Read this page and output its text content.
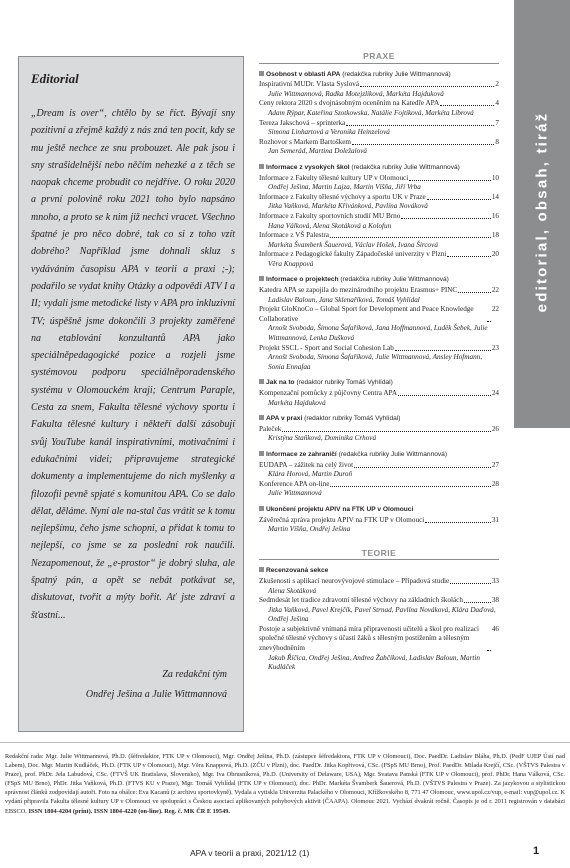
editorial, obsah, tiráž
Editorial
„Dream is over“, chtělo by se říct. Bývají sny pozitivní a zřejmě každý z nás zná ten pocit, kdy se mu ještě nechce ze snu probouzet. Ale pak jsou i sny strašidelnější nebo něčím nehezké a z těch se naopak chceme probudit co nejdříve. O roku 2020 a první polovině roku 2021 toho bylo napsáno mnoho, a proto se k nim již nechci vracet. Všechno špatné je pro něco dobré, tak co si z toho vzít dobrého? Například jsme dohnali skluz s vydáváním časopisu APA v teorii a praxi ;-); podařilo se vydat knihy Otázky a odpovědi ATV I a II; vydali jsme metodické listy v APA pro inkluzivní TV; úspěšně jsme dokončili 3 projekty zaměřené na etablování konzultantů APA jako speciálněpedagogické pozice a rozjeli jsme systémovou podporu speciálněporadenského systému v Olomouckém kraji; Centrum Paraple, Cesta za snem, Fakulta tělesné výchovy sportu i Fakulta tělesné kultury i někteří další zásobují svůj YouTube kanál inspirativními, motivačními i edukačními videi; připravujeme strategické dokumenty a implementujeme do nich myšlenky a filozofii pevně spjaté s komunitou APA. Co se dalo dělat, děláme. Nyní ale na-stal čas vrátit se k tomu nejlepšímu, čeho jsme schopni, a přidat k tomu to nejlepší, co jsme se za poslední rok naučili. Nezapomenout, že „e-prostor“ je dobrý sluha, ale špatný pán, a opět se nebát potkávat se, diskutovat, tvořit a mýty bořit. Ať jste zdraví a šťastní...
Za redakční tým
Ondřej Ješina a Julie Wittmannová
PRAXE
Osobnost v oblasti APA (redakčka rubriky Julie Wittmannová)
Inspirativní MUDr. Vlasta Syslová	2
Julie Wittmannová, Radka Motejzlíková, Markéta Hajduková
Ceny rektora 2020 s dvojnásobným oceněním na Katedře APA	4
Adam Rýpar, Kateřina Szotkowska, Natálie Fojtíková, Markéta Líbrová
Tereza Jakschová – sprinterka	7
Simona Linhartová a Veronika Heinzelová
Rozhovor s Markem Bartoškem	8
Jan Semerád, Martina Doležalová
Informace z vysokých škol (redakčka rubriky Julie Wittmannová)
Informace z Fakulty tělesné kultury UP v Olomouci	10
Ondřej Ješina, Martin Lajza, Martin Víšňa, Jiří Vrba
Informace z Fakulty tělesné výchovy a sportu UK v Praze	14
Jitka Vaňková, Markéta Křivánková, Pavlína Nováková
Informace z Fakulty sportovních studií MU Brno	16
Hana Válková, Alena Skotáková a Kolofun
Informace z VŠ Palestra	18
Markéta Švamberk Šauerová, Václav Hošek, Ivana Šircová
Informace z Pedagogické fakulty Západočeské univerzity v Plzni	20
Věra Knappová
Informace o projektech (redakčka rubriky Julie Wittmannová)
Katedra APA se zapojila do mezinárodního projektu Erasmus+ PINC	22
Ladislav Baloun, Jana Sklenaříková, Tomáš Vyhlídal
Projekt GloKnoCo – Global Sport for Development and Peace Knowledge Collaborative
22
Arnošt Svoboda, Šimona Šafaříková, Jana Hoffmannová, Luděk Šebek, Julie Wittmannová, Lenka Dušková
Projekt SSCL - Sport and Social Cohesion Lab	23
Arnošt Svoboda, Simona Šafaříková, Julie Wittmannová, Ansley Hofmann, Sonia Ennafaa
Jak na to (redaktor rubriky Tomáš Vyhlídal)
Kompenzační pomůcky z půjčovny Centra APA	24
Markéta Hajduková
APA v praxi (redaktor rubriky Tomáš Vyhlídal)
Paleček	26
Kristýna Staňková, Dominika Crhová
Informace ze zahraničí (redakčka rubriky Julie Wittmannová)
EUDAPA – zážitek na celý život	27
Klára Horová, Martin Duroň
Konference APA on-line	28
Julie Wittmannová
Ukončení projektu APIV na FTK UP v Olomouci
Závěrečná zpráva projektu APIV na FTK UP v Olomouci	31
Martin Víšňa, Ondřej Ješina
TEORIE
Recenzovaná sekce
Zkušenosti s aplikací neurovývojové stimulace – Případová studie	33
Alena Skotáková
Sedmdesát let tradice zdravotní tělesné výchovy na základních školách	38
Jitka Vaňková, Pavel Krejčík, Pavel Strnad, Pavlína Nováková, Klára Daďová, Ondřej Ješina
Postoje a subjektivně vnímaná míra připravenosti učitelů a škol pro realizaci společné tělesné výchovy s účastí žáků s tělesným postižením a tělesným znevýhodněním
46
Jakub Říčica, Ondřej Ješina, Andrea Žabčíková, Ladislav Baloun, Martin Kudláček
Redakční rada: Mgr. Julie Wittmannová, Ph.D. (šéfredaktor, FTK UP v Olomouci), Mgr. Ondřej Ješina, Ph.D. (zástupce šéfredaktora, FTK UP v Olomouci), Doc. PaedDr. Ladislav Bláha, Ph.D. (PedF UJEP Ústí nad Labem), Doc. Mgr. Martin Kudláček, Ph.D. (FTK UP v Olomouci), Mgr. Věra Knappová, Ph.D. (ZČU v Plzni), doc. PaedDr. Jitka Kopřivová, CSc. (FSpS MU Brno), Prof. PaedDr. Milada Krejčí, CSc. (VŠTVS Palestra v Praze), prof. PhDr. Jela Labudová, CSc. (FTVŠ UK Bratislava, Slovensko), Mgr. Iva Obrusníková, Ph.D. (University of Delaware, USA), Mgr. Svatava Panská (FTK UP v Olomouci), prof. PhDr. Hana Válková, CSc. (FSpS MU Brno), PhDr. Jitka Vaňková, Ph.D. (FTVS KU v Praze), Mgr. Tomáš Vyhlídal (FTK UP v Olomouci), doc. PhDr. Markéta Švamberk Šauerová, Ph.D. (VŠTVS Palestra v Praze). Za jazykovou a stylistickou správnost článků zodpovídají autoři. Foto na obálce: Eva Kacanů (z archivu sportovkyně). Vydala a vytiskla Univerzita Palackého v Olomouci, Křížkovského 8, 771 47 Olomouc, www.upol.cz/vup, e-mail: vup@upol.cz. K vydání připravila Fakulta tělesné kultury UP v Olomouci ve spolupráci s Českou asociací aplikovaných pohybových aktivit (ČAAPA). Olomouc 2021. Vychází dvakrát ročně. Časopis je od r. 2011 registrován v databázi EBSCO. ISSN 1804-4204 (print). ISSN 1804-4220 (on-line). Reg. č. MK ČR E 19549.
APA v teorii a praxi, 2021/12 (1)	1
